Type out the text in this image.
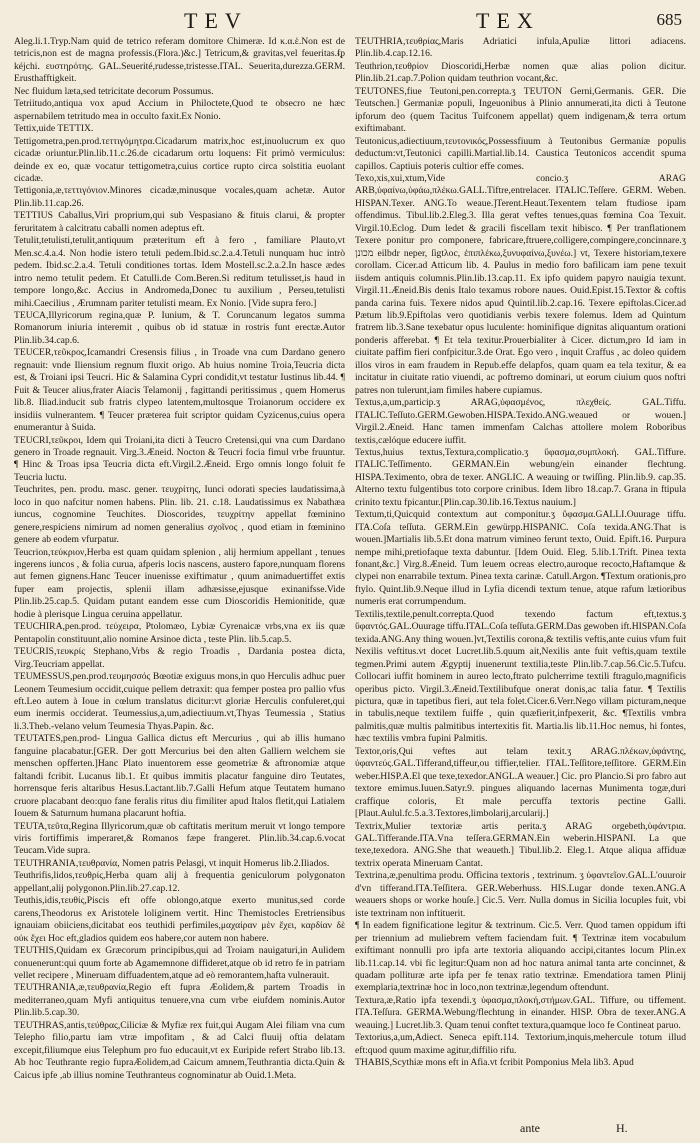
TEV	TEX	685

Aleg.li.1.Tryp.Nam quid de tetrico referam domitore Chimeræ. Id κ.α.ἑ.Non est de tetricis,non est de magna professis.(Flora.)&c.] Tetricum,& gravitas,vel feueritas.ᵮᵱ kéjchi. ευστηρότης. GAL.Seuerité,rudesse,tristesse.ITAL. Seuerita,durezza.GERM. Erusthafftigkeit.

Nec fluidum læta,sed tetricitate decorum Possumus.

Tetriitudo,antiqua vox apud Accium in Philoctete,Quod te obsecro ne hæc aspernabilem tetritudo mea in occulto faxit.Ex Nonio.

Tettix,uide TETTIX.

Tettigometra,pen.prod.τεττιγόμητρα.Cicadarum matrix,hoc est,inuolucrum ex quo cicadæ oriuntur.Plin.lib.11.c.26.de cicadarum ortu loquens: Fit primò vermiculus: deinde ex eo, quæ vocatur tettigometra,cuius cortice rupto circa solstitia euolant cicadæ.

Tettigonia,æ,τεττιγόνιον.Minores cicadæ,minusque vocales,quam achetæ. Autor Plin.lib.11.cap.26.

TETTIUS Caballus,Viri proprium,qui sub Vespasiano & fituis clarui, & propter feruritatem à calcitratu caballi nomen adeptus eft.

Tetulit,tetulisti,tetulit,antiquum præteritum eft à fero , familiare Plauto,vt Men.sc.4.a.4. Non hodie istero tetuli pedem.Ibid.sc.2.a.4.Tetuli nunquam huc intrò pedem. Ibid.sc.2.a.4. Tetuli conditiones tortas. Idem Mostell.sc.2.a.2.In hasce ædes intro nemo tetulit pedem. Et Catulli.de Com.Beren.Si reditum tetulisset,is haud in tempore longo,&c. Accius in Andromeda,Donec tu auxilium , Perseu,tetulisti mihi.Caecilius , Ærumnam pariter tetulisti meam. Ex Nonio. [Vide supra fero.]

TEUCA,Illyricorum regina,quæ P. Iunium, & T. Coruncanum legatos summa Romanorum iniuria interemit , quibus ob id statuæ in rostris funt erectæ.Autor Plin.lib.34.cap.6.

TEUCER,τεῦκρος,Icamandri Cresensis filius , in Troade vna cum Dardano genero regnauit: vnde Iliensium regnum fluxit origo. Ab huius nomine Troia,Teucria dicta est, & Troiani ipsi Teucri. Hic & Salamina Cypri condidit,vt testatur Iustinus lib.44. ¶ Fuit & Teucer alius,frater Aiacis Telamonij , fagittandi peritissimus , quem Homerus lib.8. Iliad.inducit sub fratris clypeo latentem,multosque Troianorum occidere ex insidiis vulnerantem. ¶ Teucer præterea fuit scriptor quidam Cyzicenus,cuius opera enumerantur à Suida.

TEUCRI,τεῦκροι, Idem qui Troiani,ita dicti à Teucro Cretensi,qui vna cum Dardano genero in Troade regnauit. Virg.3.Æneid. Nocton & Teucri focia fimul vrbe fruuntur. ¶ Hinc & Troas ipsa Teucria dicta eft.Virgil.2.Æneid. Ergo omnis longo foluit fe Teucria luctu.

Teuchrites, pen. produ. masc. gener. τευχρίτης, Iunci odorati species laudatissima,à loco in quo nafcitur nomen habens. Plin. lib. 21. c.18. Laudatissimus ex Nabathæa iuncus, cognomine Teuchites. Dioscorides, τευχρίτην appellat fœminino genere,respiciens nimirum ad nomen generalius σχοῖνος , quod etiam in fœminino genere ab eodem vfurpatur.

Teucrion,τεύκριον,Herba est quam quidam splenion , alij hermium appellant , tenues ingerens iuncos , & folia curua, afperis locis nascens, austero fapore,nunquam florens aut femen gignens.Hanc Teucer inuenisse exiftimatur , quum animaduertiffet extis fuper eam projectis, splenii illam adhæsisse,ejusque exinanifsse.Vide Plin.lib.25.cap.5. Quidam putant eandem esse cum Dioscoridis Hemionitide, quæ hodie à plerisque Lingua ceruina appellatur.

TEUCHIRA,pen.prod. τεύχειρα, Ptolomæo, Lybiæ Cyrenaicæ vrbs,vna ex iis quæ Pentapolin constituunt,alio nomine Arsinoe dicta , teste Plin. lib.5.cap.5.

TEUCRIS,τευκρίς Stephano,Vrbs & regio Troadis , Dardania postea dicta, Virg.Teucriam appellat.

TEUMESSUS,pen.prod.τευμησσός Bœotiæ exiguus mons,in quo Herculis adhuc puer Leonem Teumesium occidit,cuique pellem detraxit: qua femper postea pro pallio vfus eft.Leo autem à Ioue in cœlum translatus dicitur:vt gloriæ Herculis confuleret,qui eum inermis occiderat. Teumessius,a,um,adiectiuum.vt,Thyas Teumessia , Statius li.3.Theb.-velano velum Teumesia Thyas.Papin. &c.

TEUTATES,pen.prod- Lingua Gallica dictus eft Mercurius , qui ab illis humano fanguine placabatur.[GER. Der gott Mercurius bei den alten Galliern welchem sie menschen opfferten.]Hanc Plato inuentorem esse geometriæ & aftronomiæ atque faltandi fcribit. Lucanus lib.1. Et quibus immitis placatur fanguine diro Teutates, horrensque feris altaribus Hesus.Lactant.lib.7.Galli Hefum atque Teutatem humano cruore placabant deo:quo fane feralis ritus diu fimiliter apud Italos fletit,qui Latialem Iouem & Saturnum humana placarunt hoftia.

TEUTA,τεῦτα,Regina Illyricorum,quæ ob caftitatis meritum meruit vt longo tempore viris fortiffimis imperaret,& Romanos fæpe frangeret. Plin.lib.34.cap.6.vocat Teucam.Vide supra.

TEUTHRANIA,τευθρανία, Nomen patris Pelasgi, vt inquit Homerus lib.2.Iliados.

Teuthrifis,lidos,τευθρίς,Herba quam alij à frequentia geniculorum polygonaton appellant,alij polygonon.Plin.lib.27.cap.12.

Teuthis,idis,τευθίς,Piscis eft offe oblongo,atque exerto munitus,sed corde carens,Theodorus ex Aristotele loliginem vertit. Hinc Themistocles Eretriensibus ignauiam obiiciens,dicitabat eos teuthidi perfimiles,μαχαίραν μὲν ἔχει, καρδίαν δὲ οὐκ ἔχει Hoc eft,gladios quidem eos habere,cor autem non habere.

TEUTHIS,Quidam ex Græcorum principibus,qui ad Troiam nauigaturi,in Aulidem conuenerunt:qui quum forte ab Agamemnone diffideret,atque ob id retro fe in patriam vellet recipere , Mineruam diffuadentem,atque ad eò remorantem,hafta vulnerauit.

TEUTHRANIA,æ,τευθρανία,Regio eft fupra Æolidem,& partem Troadis in mediterraneo,quam Myfi antiquitus tenuere,vna cum vrbe eiufdem nominis.Autor Plin.lib.5.cap.30.

TEUTHRAS,antis,τεύθρας,Ciliciæ & Myfiæ rex fuit,qui Augam Alei filiam vna cum Telepho filio,partu iam vtræ impofitam , & ad Calci fluuij oftia delatam excepit,filiumque eius Telephum pro fuo educauit,vt ex Euripide refert Strabo lib.13. Ab hoc Teuthrante regio fupraÆolidem,ad Caicum amnem,Teuthrantia dicta.Quin & Caicus ipfe ,ab illius nomine Teuthranteus cognominatur ab Ouid.1.Meta.

TEUTHRIA,τευθρίας,Maris Adriatici infula,Apuliæ littori adiacens. Plin.lib.4.cap.12.16.

Teuthrion,τευθρίον Dioscoridi,Herbæ nomen quæ alias polion dicitur. Plin.lib.21.cap.7.Polion quidam teuthrion vocant,&c.

TEUTONES,fiue Teutoni,pen.correpta.ʒ TEUTON Gerni,Germanis. GER. Die Teutschen.] Germaniæ populi, Ingeuonibus à Plinio annumerati,ita dicti à Teutone ipforum deo (quem Tacitus Tuifconem appellat) quem indigenam,& terra ortum exiftimabant.

Teutonicus,adiectiuum,τευτονικός,Possessfiuum à Teutonibus Germaniæ populis deductum:vt,Teutonici capilli.Martial.lib.14. Caustica Teutonicos accendit spuma capillos. Captiuis poteris cultior effe comes.

Texo,xis,xui,xtum,Vide concio.ʒ ARAG ARB,ὑφαίνω,ὑφάω,πλέκω.GALL.Tiftre,entrelacer. ITALIC.Teſſere. GERM. Weben. HISPAN.Texer. ANG.To weaue.]Terent.Heaut.Texentem telam ftudiose ipam offendimus. Tibul.lib.2.Eleg.3. Illa gerat veftes tenues,quas fœmina Coa Texuit. Virgil.10.Eclog. Dum ledet & gracili fiscellam texit hibisco. ¶ Per tranflationem Texere ponitur pro componere, fabricare,ftruere,colligere,compingere,concinnare.ʒ מכונן eilbdr neper, ſigtλoc, ἐπιπλέκω,ξυνυφαίνω,ξυνέω.] vt, Texere historiam,texere corollam. Cicer.ad Atticum lib. 4. Paulus in medio foro bafilicam iam pene texuit iisdem antiquis columnis.Plin.lib.13.cap.11. Ex ipfo quidem papyro nauigia texunt. Virgil.11.Æneid.Bis denis Italo texamus robore naues. Ouid.Epist.15.Textor & coftis panda carina fuis. Texere nidos apud Quintil.lib.2.cap.16. Texere epiftolas.Cicer.ad Pætum lib.9.Epiftolas vero quotidianis verbis texere folemus. Idem ad Quintum fratrem lib.3.Sane texebatur opus luculente: hominifique dignitas aliquantum orationi ponderis afferebat. ¶ Et tela texitur.Prouerbialiter à Cicer. dictum,pro Id iam in ciuitate paffim fieri confpicitur.3.de Orat. Ego vero , inquit Craffus , ac doleo quidem illos viros in eam fraudem in Repub.effe delapfos, quam quam ea tela texitur, & ea incitatur in ciuitate ratio viuendi, ac poftremo dominari, ut eorum ciuium quos noftri patres non tulerunt,iam fimiles habere cupiamus.

Textus,a,um,particip.ʒ ARAG,ὑφασμένος, πλεχθείς. GAL.Tiffu. ITALIC.Teſſuto.GERM.Gewoben.HISPA.Texido.ANG.weaued or wouen.] Virgil.2.Æneid. Hanc tamen immenfam Calchas attollere molem Roboribus textis,cælóque educere iuffit.

Textus,huius textus,Textura,complicatio.ʒ ὕφασμα,συμπλοκή. GAL.Tiffure. ITALIC.Teſſimento. GERMAN.Ein webung/ein einander flechtung. HISPA.Teximento, obra de texer. ANGLIC. A weauing or twiſſing. Plin.lib.9. cap.35. Alterno textu fulgentibus toto corpore crinibus. Idem libro 18.cap.7. Grana in ftipula crinito textu fpicantur.[Plin.cap.30.lib.16.Textus nauium.]

Textum,ti,Quicquid contextum aut componitur.ʒ ὕφασμα.GALLI.Ouurage tiffu. ITA.Coſa teſſuta. GERM.Ein gewürpp.HISPANIC. Coſa texida.ANG.That is wouen.]Martialis lib.5.Et dona matrum vimineo ferunt texto, Ouid. Epift.16. Purpura nempe mihi,pretiofaque texta dabuntur. [Idem Ouid. Eleg. 5.lib.1.Trift. Pinea texta fonant,&c.] Virg.8.Æneid. Tum leuem ocreas electro,auroque recocto,Haftamque & clypei non enarrabile textum. Pinea texta carinæ. Catull.Argon. ¶Textum orationis,pro ftylo. Quint.lib.9.Neque illud in Lyfia dicendi textum tenue, atque rafum lætioribus numeris erat corrumpendum.

Textilis,textile,penult.correpta.Quod texendo factum eft,textus.ʒ ὕφαντός.GAL.Ouurage tiffu.ITAL.Coſa teſſuta.GERM.Das gewoben ift.HISPAN.Coſa texida.ANG.Any thing wouen.]vt,Textilis corona,& textilis veftis,ante cuius vfum fuit Nexilis veftitus.vt docet Lucret.lib.5.quum ait,Nexilis ante fuit veftis,quam textile tegmen.Primi autem Ægyptij inuenerunt textilia,teste Plin.lib.7.cap.56.Cic.5.Tufcu. Collocari iuffit hominem in aureo lecto,ftrato pulcherrime textili ftragulo,magnificis operibus picto. Virgil.3.Æneid.Textilibufque onerat donis,ac talia fatur. ¶ Textilis pictura, quæ in tapetibus fieri, aut tela folet.Cicer.6.Verr.Nego villam picturam,neque in tabulis,neque textilem fuiffe , quin quæfierit,infpexerit, &c. ¶Textilis vmbra palmitis,quæ multis palmitibus intertexitis fit. Martia.lis lib.11.Hoc nemus, hi fontes, hæc textilis vmbra fupini Palmitis.

Textor,oris,Qui veftes aut telam texit.ʒ ARAG.πλέκων,ὑφάντης, ὑφαντεύς.GAL.Tifferand,tiffeur,ou tiffier,telier. ITAL.Teſſitore,teſſitore. GERM.Ein weber.HISP.A.El que texe,texedor.ANGL.A weauer.] Cic. pro Plancio.Si pro fabro aut textore emimus.Iuuen.Satyr.9. pingues aliquando lacernas Munimenta togæ,duri craffique coloris, Et male percuffa textoris pectine Galli.[Plaut.Aulul.fc.5.a.3.Textores,limbolarij,arcularij.]

Textrix,Mulier textoriæ artis perita.ʒ ARAG orgebeth,ὑφάντρια. GAL.Tifferande.ITA.Vna teſſera.GERMAN.Ein weberin.HISPANI. La que texe,texedora. ANG.She that weaueth.] Tibul.lib.2. Eleg.1. Atque aliqua affiduæ textrix operata Mineruam Cantat.

Textrina,æ,penultima produ. Officina textoris , textrinum. ʒ ὑφαντεῖον.GAL.L'ouuroir d'vn tifferand.ITA.Teſſitera. GER.Weberhuss. HIS.Lugar donde texen.ANG.A weauers shops or worke houſe.] Cic.5. Verr. Nulla domus in Sicilia locuples fuit, vbi iste textrinam non inftituerit.

¶ In eadem fignificatione legitur & textrinum. Cic.5. Verr. Quod tamen oppidum ifti per triennium ad muliebrem veftem faciendam fuit. ¶ Textrinæ item vocabulum exiftimant nonnulli pro ipfa arte textoria aliquando accipi,citantes locum Plin.ex lib.11.cap.14. vbi fic legitur:Quam non ad hoc natura animal tanta arte concinnet, & quadam pollituræ arte ipfa per fe tenax ratio textrinæ. Emendatiora tamen Plinij exemplaria,textrinæ hoc in loco,non textrinæ,legendum oftendunt.

Textura,æ,Ratio ipfa texendi.ʒ ὑφασμα,πλοκή,στήμων.GAL. Tiffure, ou tiffement. ITA.Teſſura. GERMA.Webung/flechtung in einander. HISP. Obra de texer.ANG.A weauing.] Lucret.lib.3. Quam tenui conftet textura,quamque loco fe Contineat paruo.

Textorius,a,um,Adiect. Seneca epift.114. Textorium,inquis,mehercule totum illud eft:quod quum maxime agitur,diffilio rifu.

THABIS,Scythiæ mons eft in Afia.vt fcribit Pomponius Mela lib3. Apud

ante	H.
